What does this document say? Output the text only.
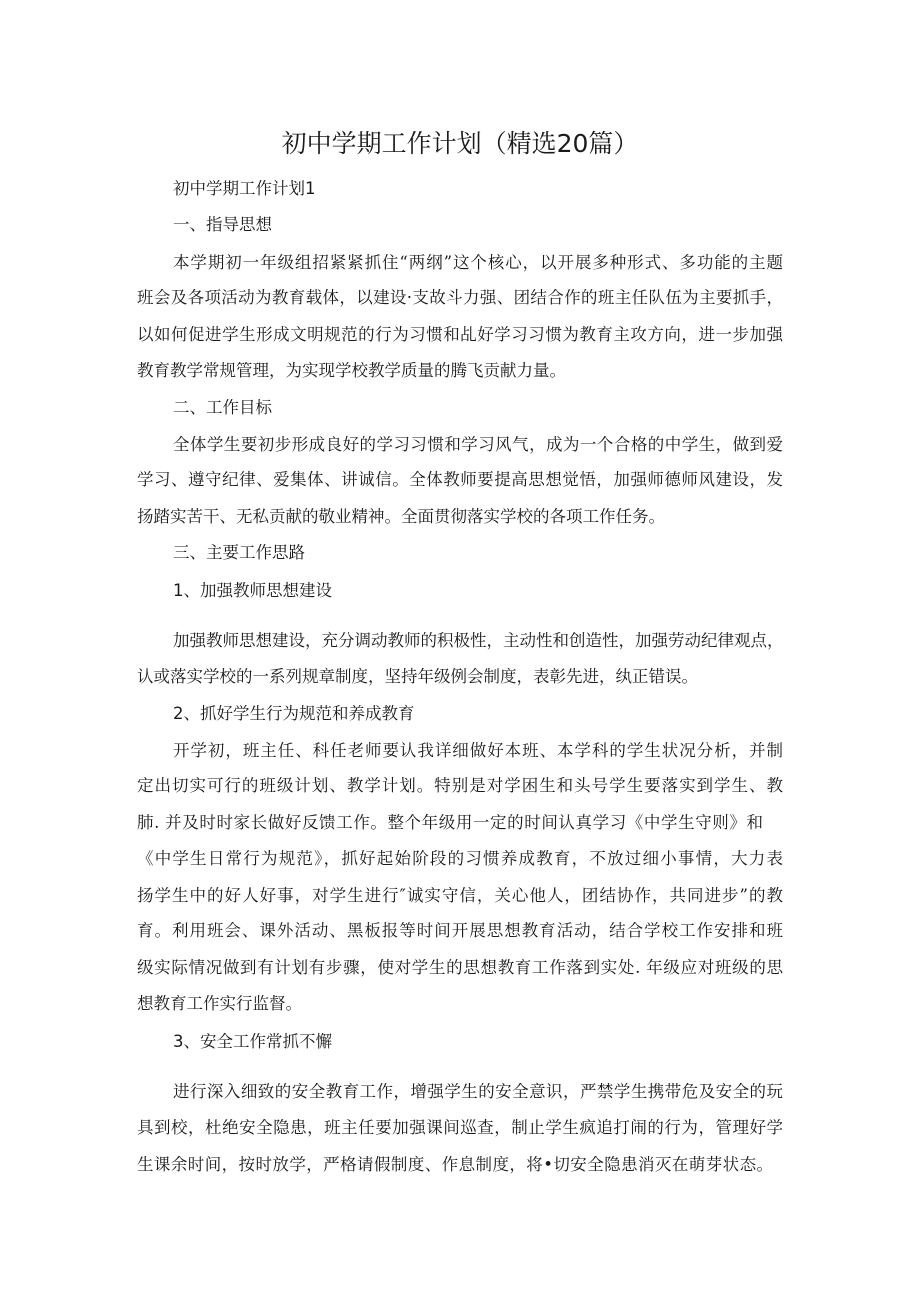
初中学期工作计划（精选20篇）

初中学期工作计划1

一、指导思想

本学期初一年级组招紧紧抓住“两纲”这个核心，以开展多种形式、多功能的主题

班会及各项活动为教育载体，以建设·支故斗力强、团结合作的班主任队伍为主要抓手，

以如何促进学生形成文明规范的行为习惯和乩好学习习惯为教育主攻方向，进一步加强

教育教学常规管理，为实现学校教学质量的腾飞贡献力量。

二、工作目标

全体学生要初步形成良好的学习习惯和学习风气，成为一个合格的中学生，做到爱

学习、遵守纪律、爱集体、讲诚信。全体教师要提高思想觉悟，加强师德师风建设，发

扬踏实苦干、无私贡献的敬业精神。全面贯彻落实学校的各项工作任务。

三、主要工作思路

1、加强教师思想建设

加强教师思想建设，充分调动教师的积极性，主动性和创造性，加强劳动纪律观点，

认或落实学校的一系列规章制度，坚持年级例会制度，表彰先进，纨正错误。

2、抓好学生行为规范和养成教育

开学初，班主任、科任老师要认我详细做好本班、本学科的学生状况分析，并制

定出切实可行的班级计划、教学计划。特别是对学困生和头号学生要落实到学生、教

肺. 并及时时家长做好反馈工作。整个年级用一定的时间认真学习《中学生守则》和

《中学生日常行为规范》，抓好起始阶段的习惯养成教育，不放过细小事情，大力表

扬学生中的好人好事，对学生进行″诚实守信，关心他人，团结协作，共同进步”的教

育。利用班会、课外活动、黑板报等时间开展思想教育活动，结合学校工作安排和班

级实际情况做到有计划有步骤，使对学生的思想教育工作落到实处. 年级应对班级的思

想教育工作实行监督。

3、安全工作常抓不懈

进行深入细致的安全教育工作，增强学生的安全意识，严禁学生携带危及安全的玩

具到校，杜绝安全隐患，班主任要加强课间巡查，制止学生疯追打闹的行为，管理好学

生课余时间，按时放学，严格请假制度、作息制度，将•切安全隐患消灭在萌芽状态。
